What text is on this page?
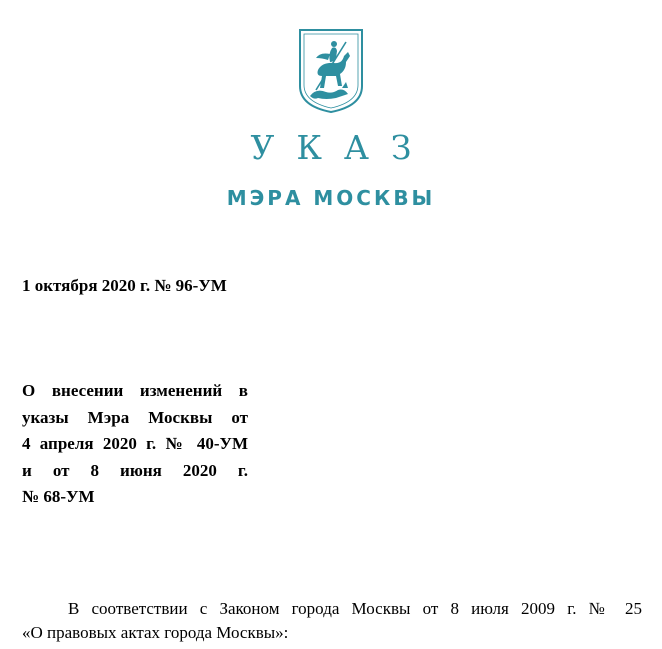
УКАЗ
МЭРА МОСКВЫ
1 октября 2020 г. № 96-УМ
О внесении изменений в
указы Мэра Москвы от
4 апреля 2020 г. № 40-УМ
и от 8 июня 2020 г.
№ 68-УМ
В соответствии с Законом города Москвы от 8 июля 2009 г. № 25
«О правовых актах города Москвы»:
